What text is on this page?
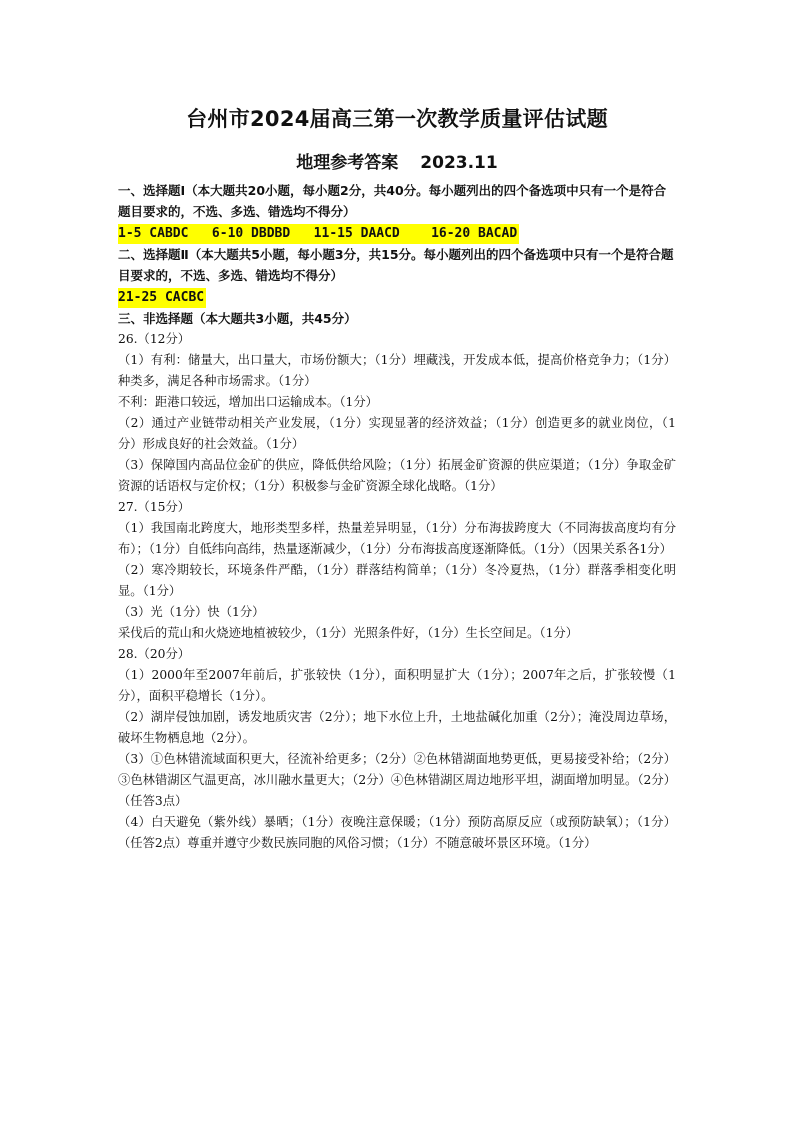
台州市2024届高三第一次教学质量评估试题
地理参考答案 2023.11
一、选择题Ⅰ（本大题共20小题，每小题2分，共40分。每小题列出的四个备选项中只有一个是符合题目要求的，不选、多选、错选均不得分）
1-5 CABDC   6-10 DBDBD   11-15 DAACD    16-20 BACAD
二、选择题Ⅱ（本大题共5小题，每小题3分，共15分。每小题列出的四个备选项中只有一个是符合题目要求的，不选、多选、错选均不得分）
21-25 CACBC
三、非选择题（本大题共3小题，共45分）
26.（12分）
（1）有利：储量大，出口量大，市场份额大；（1分）埋藏浅，开发成本低，提高价格竞争力；（1分）种类多，满足各种市场需求。（1分）
不利：距港口较远，增加出口运输成本。（1分）
（2）通过产业链带动相关产业发展，（1分）实现显著的经济效益；（1分）创造更多的就业岗位，（1分）形成良好的社会效益。（1分）
（3）保障国内高品位金矿的供应，降低供给风险；（1分）拓展金矿资源的供应渠道；（1分）争取金矿资源的话语权与定价权；（1分）积极参与金矿资源全球化战略。（1分）
27.（15分）
（1）我国南北跨度大，地形类型多样，热量差异明显，（1分）分布海拔跨度大（不同海拔高度均有分布）；（1分）自低纬向高纬，热量逐渐减少，（1分）分布海拔高度逐渐降低。（1分）（因果关系各1分）
（2）寒冷期较长，环境条件严酷，（1分）群落结构简单；（1分）冬冷夏热，（1分）群落季相变化明显。（1分）
（3）光（1分）快（1分）
采伐后的荒山和火烧迹地植被较少，（1分）光照条件好，（1分）生长空间足。（1分）
28.（20分）
（1）2000年至2007年前后，扩张较快（1分），面积明显扩大（1分）；2007年之后，扩张较慢（1分），面积平稳增长（1分）。
（2）湖岸侵蚀加剧，诱发地质灾害（2分）；地下水位上升，土地盐碱化加重（2分）；淹没周边草场，破坏生物栖息地（2分）。
（3）①色林错流域面积更大，径流补给更多；（2分）②色林错湖面地势更低，更易接受补给；（2分）③色林错湖区气温更高，冰川融水量更大；（2分）④色林错湖区周边地形平坦，湖面增加明显。（2分）（任答3点）
（4）白天避免（紫外线）暴晒；（1分）夜晚注意保暖；（1分）预防高原反应（或预防缺氧）；（1分）（任答2点）尊重并遵守少数民族同胞的风俗习惯；（1分）不随意破坏景区环境。（1分）
